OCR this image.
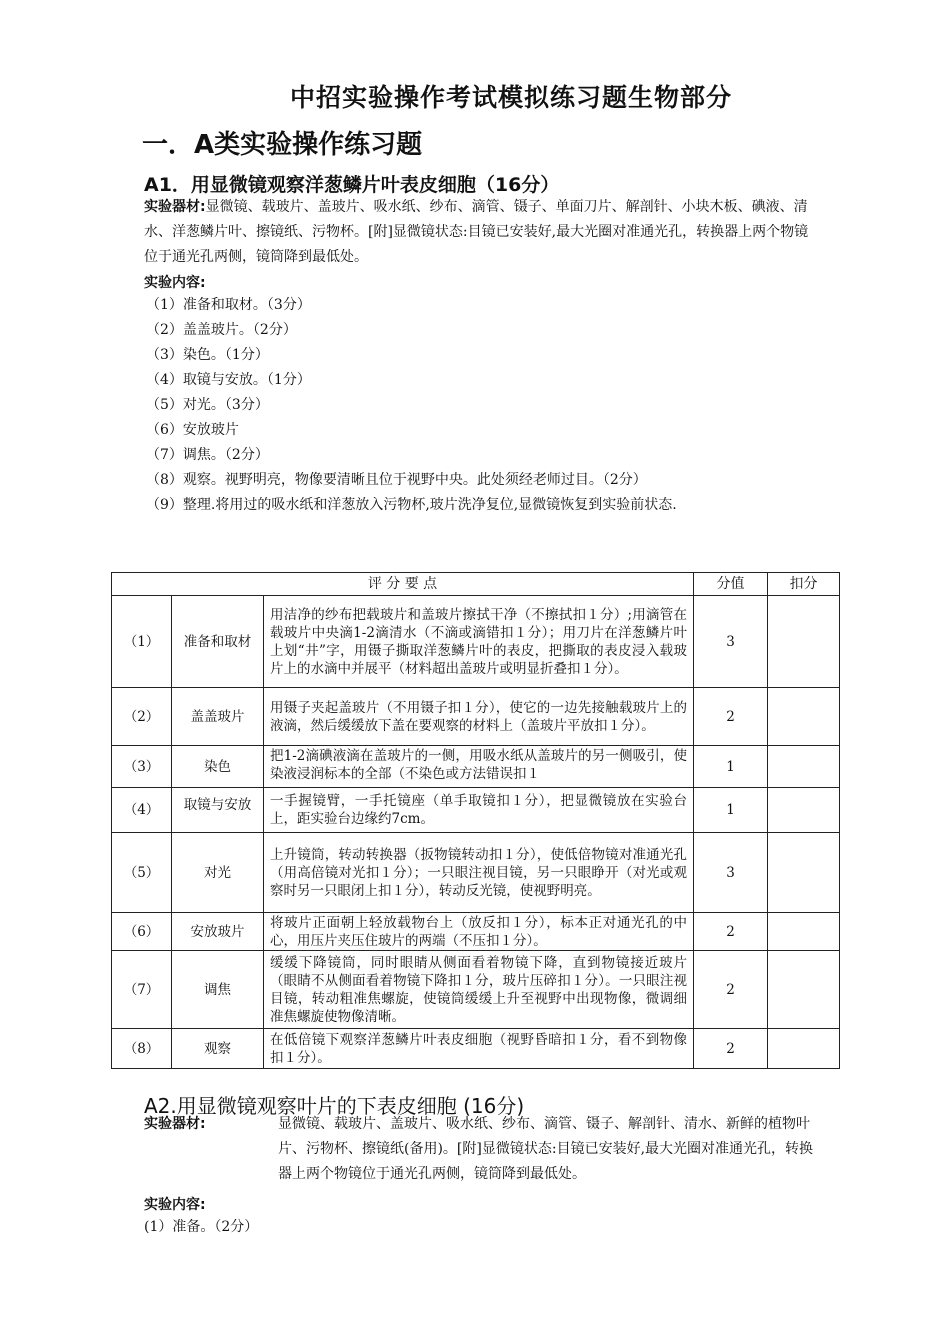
中招实验操作考试模拟练习题生物部分
一．A类实验操作练习题
A1．用显微镜观察洋葱鳞片叶表皮细胞（16分）
实验器材:显微镜、载玻片、盖玻片、吸水纸、纱布、滴管、镊子、单面刀片、解剖针、小块木板、碘液、清水、洋葱鳞片叶、擦镜纸、污物杯。[附]显微镜状态:目镜已安装好,最大光圈对准通光孔，转换器上两个物镜位于通光孔两侧，镜筒降到最低处。
实验内容:
（1）准备和取材。（3分）
（2）盖盖玻片。（2分）
（3）染色。（1分）
（4）取镜与安放。（1分）
（5）对光。（3分）
（6）安放玻片
（7）调焦。（2分）
（8）观察。视野明亮，物像要清晰且位于视野中央。此处须经老师过目。（2分）
（9）整理.将用过的吸水纸和洋葱放入污物杯,玻片洗净复位,显微镜恢复到实验前状态.
评 分 要 点			分值	扣分
（1）	准备和取材	用洁净的纱布把载玻片和盖玻片擦拭干净（不擦拭扣１分）;用滴管在载玻片中央滴1-2滴清水（不滴或滴错扣１分）；用刀片在洋葱鳞片叶上划“井”字，用镊子撕取洋葱鳞片叶的表皮，把撕取的表皮浸入载玻片上的水滴中并展平（材料超出盖玻片或明显折叠扣１分）。	3	
（2）	盖盖玻片	用镊子夹起盖玻片（不用镊子扣１分），使它的一边先接触载玻片上的液滴，然后缓缓放下盖在要观察的材料上（盖玻片平放扣１分）。	2	
（3）	染色	把1-2滴碘液滴在盖玻片的一侧，用吸水纸从盖玻片的另一侧吸引，使染液浸润标本的全部（不染色或方法错误扣１	1	
（4）	取镜与安放	一手握镜臂，一手托镜座（单手取镜扣１分），把显微镜放在实验台上，距实验台边缘约7cm。	1	
（5）	对光	上升镜筒，转动转换器（扳物镜转动扣１分），使低倍物镜对准通光孔（用高倍镜对光扣１分）；一只眼注视目镜，另一只眼睁开（对光或观察时另一只眼闭上扣１分），转动反光镜，使视野明亮。	3	
（6）	安放玻片	将玻片正面朝上轻放载物台上（放反扣１分），标本正对通光孔的中心，用压片夹压住玻片的两端（不压扣１分）。	2	
（7）	调焦	缓缓下降镜筒，同时眼睛从侧面看着物镜下降，直到物镜接近玻片（眼睛不从侧面看着物镜下降扣１分，玻片压碎扣１分）。一只眼注视目镜，转动粗准焦螺旋，使镜筒缓缓上升至视野中出现物像，微调细准焦螺旋使物像清晰。	2	
（8）	观察	在低倍镜下观察洋葱鳞片叶表皮细胞（视野昏暗扣１分，看不到物像扣１分）。	2	
A2.用显微镜观察叶片的下表皮细胞 (16分)
实验器材:	显微镜、载玻片、盖玻片、吸水纸、纱布、滴管、镊子、解剖针、清水、新鲜的植物叶片、污物杯、擦镜纸(备用)。[附]显微镜状态:目镜已安装好,最大光圈对准通光孔，转换器上两个物镜位于通光孔两侧，镜筒降到最低处。
实验内容:
(1）准备。（2分）
